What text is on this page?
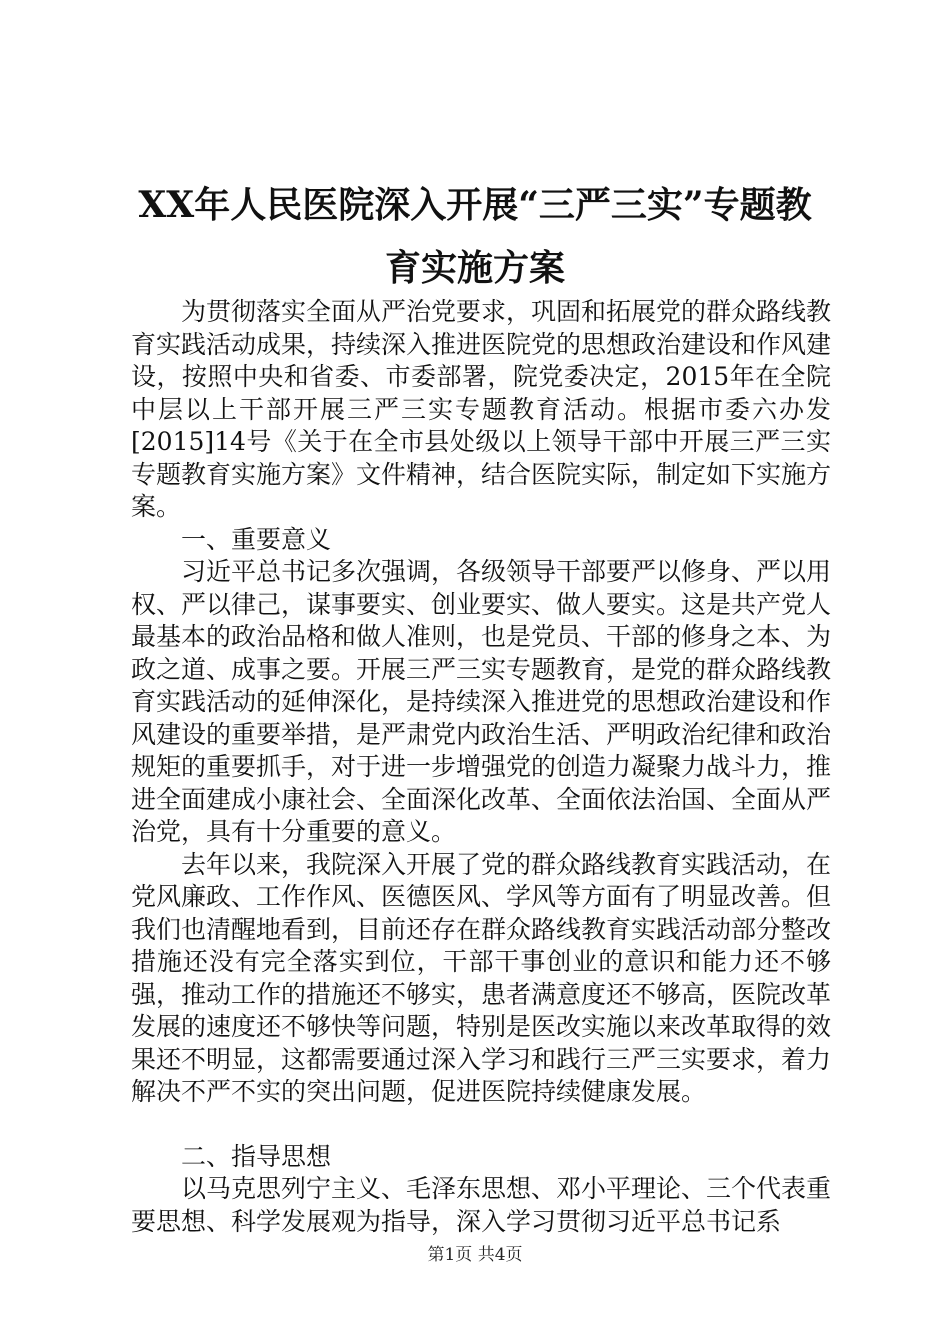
XX年人民医院深入开展“三严三实”专题教
育实施方案

为贯彻落实全面从严治党要求，巩固和拓展党的群众路线教育实践活动成果，持续深入推进医院党的思想政治建设和作风建设，按照中央和省委、市委部署，院党委决定，2015年在全院中层以上干部开展三严三实专题教育活动。根据市委六办发[2015]14号《关于在全市县处级以上领导干部中开展三严三实专题教育实施方案》文件精神，结合医院实际，制定如下实施方案。

一、重要意义

习近平总书记多次强调，各级领导干部要严以修身、严以用权、严以律己，谋事要实、创业要实、做人要实。这是共产党人最基本的政治品格和做人准则，也是党员、干部的修身之本、为政之道、成事之要。开展三严三实专题教育，是党的群众路线教育实践活动的延伸深化，是持续深入推进党的思想政治建设和作风建设的重要举措，是严肃党内政治生活、严明政治纪律和政治规矩的重要抓手，对于进一步增强党的创造力凝聚力战斗力，推进全面建成小康社会、全面深化改革、全面依法治国、全面从严治党，具有十分重要的意义。

去年以来，我院深入开展了党的群众路线教育实践活动，在党风廉政、工作作风、医德医风、学风等方面有了明显改善。但我们也清醒地看到，目前还存在群众路线教育实践活动部分整改措施还没有完全落实到位，干部干事创业的意识和能力还不够强，推动工作的措施还不够实，患者满意度还不够高，医院改革发展的速度还不够快等问题，特别是医改实施以来改革取得的效果还不明显，这都需要通过深入学习和践行三严三实要求，着力解决不严不实的突出问题，促进医院持续健康发展。

二、指导思想

以马克思列宁主义、毛泽东思想、邓小平理论、三个代表重要思想、科学发展观为指导，深入学习贯彻习近平总书记系

第1页 共4页
